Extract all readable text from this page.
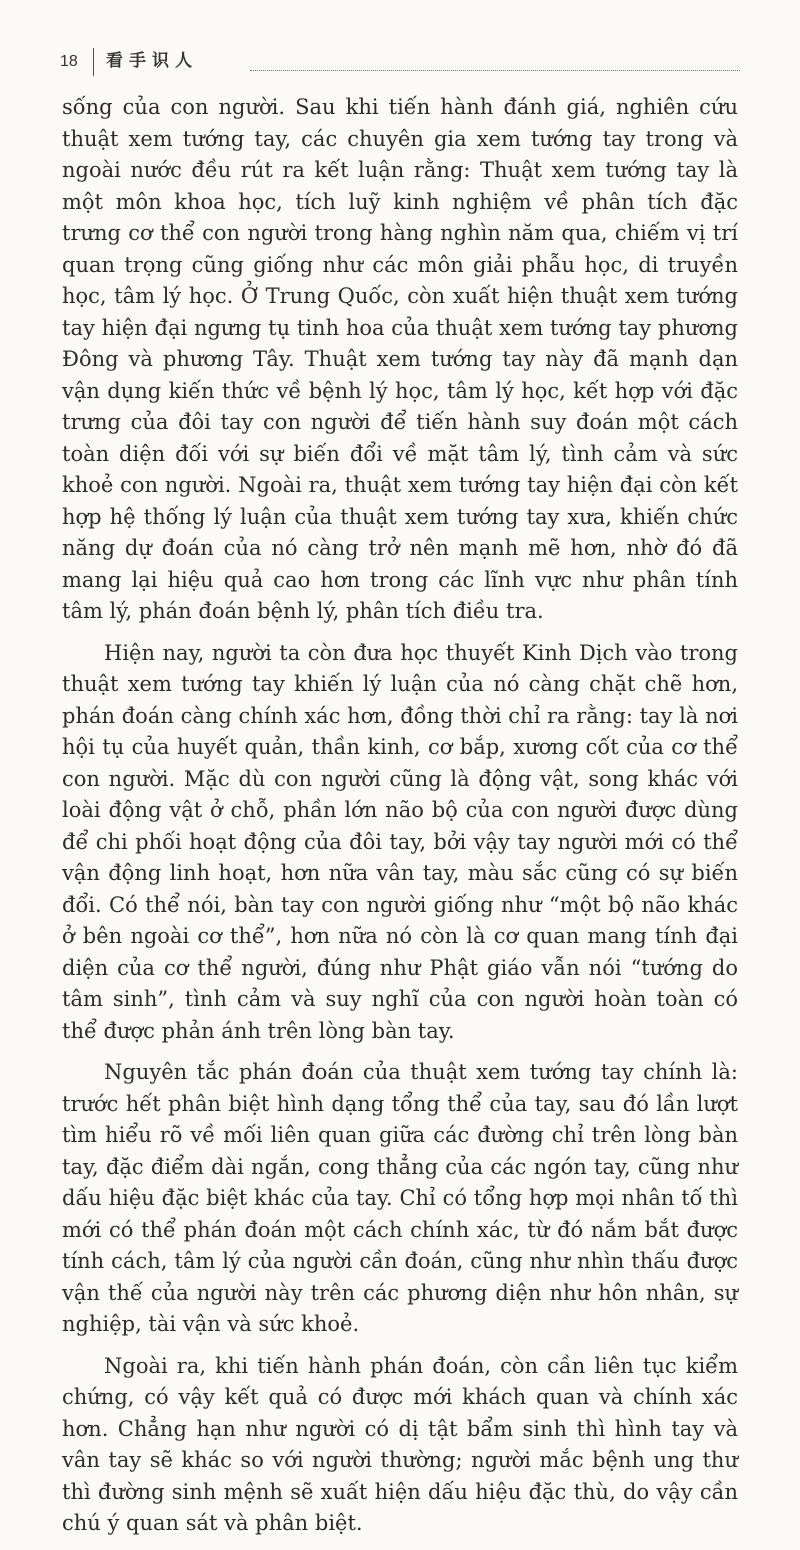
18 看手识人

sống của con người. Sau khi tiến hành đánh giá, nghiên cứu thuật xem tướng tay, các chuyên gia xem tướng tay trong và ngoài nước đều rút ra kết luận rằng: Thuật xem tướng tay là một môn khoa học, tích luỹ kinh nghiệm về phân tích đặc trưng cơ thể con người trong hàng nghìn năm qua, chiếm vị trí quan trọng cũng giống như các môn giải phẫu học, di truyền học, tâm lý học. Ở Trung Quốc, còn xuất hiện thuật xem tướng tay hiện đại ngưng tụ tinh hoa của thuật xem tướng tay phương Đông và phương Tây. Thuật xem tướng tay này đã mạnh dạn vận dụng kiến thức về bệnh lý học, tâm lý học, kết hợp với đặc trưng của đôi tay con người để tiến hành suy đoán một cách toàn diện đối với sự biến đổi về mặt tâm lý, tình cảm và sức khoẻ con người. Ngoài ra, thuật xem tướng tay hiện đại còn kết hợp hệ thống lý luận của thuật xem tướng tay xưa, khiến chức năng dự đoán của nó càng trở nên mạnh mẽ hơn, nhờ đó đã mang lại hiệu quả cao hơn trong các lĩnh vực như phân tính tâm lý, phán đoán bệnh lý, phân tích điều tra.

Hiện nay, người ta còn đưa học thuyết Kinh Dịch vào trong thuật xem tướng tay khiến lý luận của nó càng chặt chẽ hơn, phán đoán càng chính xác hơn, đồng thời chỉ ra rằng: tay là nơi hội tụ của huyết quản, thần kinh, cơ bắp, xương cốt của cơ thể con người. Mặc dù con người cũng là động vật, song khác với loài động vật ở chỗ, phần lớn não bộ của con người được dùng để chi phối hoạt động của đôi tay, bởi vậy tay người mới có thể vận động linh hoạt, hơn nữa vân tay, màu sắc cũng có sự biến đổi. Có thể nói, bàn tay con người giống như “một bộ não khác ở bên ngoài cơ thể”, hơn nữa nó còn là cơ quan mang tính đại diện của cơ thể người, đúng như Phật giáo vẫn nói “tướng do tâm sinh”, tình cảm và suy nghĩ của con người hoàn toàn có thể được phản ánh trên lòng bàn tay.

Nguyên tắc phán đoán của thuật xem tướng tay chính là: trước hết phân biệt hình dạng tổng thể của tay, sau đó lần lượt tìm hiểu rõ về mối liên quan giữa các đường chỉ trên lòng bàn tay, đặc điểm dài ngắn, cong thẳng của các ngón tay, cũng như dấu hiệu đặc biệt khác của tay. Chỉ có tổng hợp mọi nhân tố thì mới có thể phán đoán một cách chính xác, từ đó nắm bắt được tính cách, tâm lý của người cần đoán, cũng như nhìn thấu được vận thế của người này trên các phương diện như hôn nhân, sự nghiệp, tài vận và sức khoẻ.

Ngoài ra, khi tiến hành phán đoán, còn cần liên tục kiểm chứng, có vậy kết quả có được mới khách quan và chính xác hơn. Chẳng hạn như người có dị tật bẩm sinh thì hình tay và vân tay sẽ khác so với người thường; người mắc bệnh ung thư thì đường sinh mệnh sẽ xuất hiện dấu hiệu đặc thù, do vậy cần chú ý quan sát và phân biệt.
